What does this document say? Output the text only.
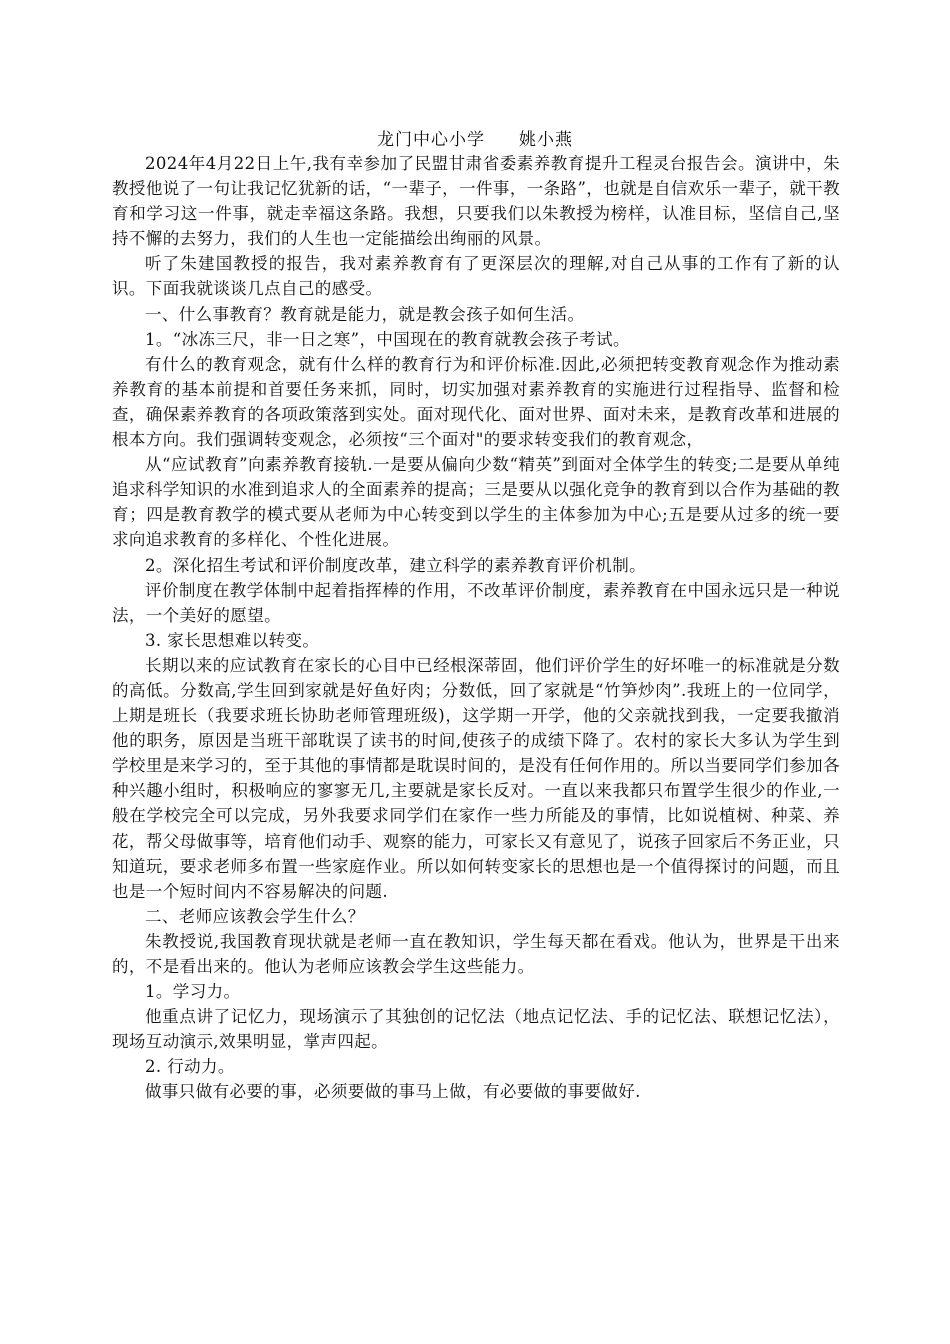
龙门中心小学 姚小燕

2024年4月22日上午,我有幸参加了民盟甘肃省委素养教育提升工程灵台报告会。演讲中，朱教授他说了一句让我记忆犹新的话，“一辈子，一件事，一条路”，也就是自信欢乐一辈子，就干教育和学习这一件事，就走幸福这条路。我想，只要我们以朱教授为榜样，认准目标，坚信自己,坚持不懈的去努力，我们的人生也一定能描绘出绚丽的风景。

听了朱建国教授的报告，我对素养教育有了更深层次的理解,对自己从事的工作有了新的认识。下面我就谈谈几点自己的感受。

一、什么事教育？教育就是能力，就是教会孩子如何生活。

1。“冰冻三尺，非一日之寒”，中国现在的教育就教会孩子考试。

有什么的教育观念，就有什么样的教育行为和评价标准.因此,必须把转变教育观念作为推动素养教育的基本前提和首要任务来抓，同时，切实加强对素养教育的实施进行过程指导、监督和检查，确保素养教育的各项政策落到实处。面对现代化、面对世界、面对未来，是教育改革和进展的根本方向。我们强调转变观念，必须按“三个面对"的要求转变我们的教育观念，

从“应试教育”向素养教育接轨.一是要从偏向少数“精英”到面对全体学生的转变;二是要从单纯追求科学知识的水准到追求人的全面素养的提高；三是要从以强化竞争的教育到以合作为基础的教育；四是教育教学的模式要从老师为中心转变到以学生的主体参加为中心;五是要从过多的统一要求向追求教育的多样化、个性化进展。

2。深化招生考试和评价制度改革，建立科学的素养教育评价机制。

评价制度在教学体制中起着指挥棒的作用，不改革评价制度，素养教育在中国永远只是一种说法，一个美好的愿望。

3. 家长思想难以转变。

长期以来的应试教育在家长的心目中已经根深蒂固，他们评价学生的好坏唯一的标准就是分数的高低。分数高,学生回到家就是好鱼好肉；分数低，回了家就是“竹笋炒肉”.我班上的一位同学，上期是班长（我要求班长协助老师管理班级)，这学期一开学，他的父亲就找到我，一定要我撤消他的职务，原因是当班干部耽误了读书的时间,使孩子的成绩下降了。农村的家长大多认为学生到学校里是来学习的，至于其他的事情都是耽误时间的，是没有任何作用的。所以当要同学们参加各种兴趣小组时，积极响应的寥寥无几,主要就是家长反对。一直以来我都只布置学生很少的作业,一般在学校完全可以完成，另外我要求同学们在家作一些力所能及的事情，比如说植树、种菜、养花，帮父母做事等，培育他们动手、观察的能力，可家长又有意见了，说孩子回家后不务正业，只知道玩，要求老师多布置一些家庭作业。所以如何转变家长的思想也是一个值得探讨的问题，而且也是一个短时间内不容易解决的问题.

二、老师应该教会学生什么？

朱教授说,我国教育现状就是老师一直在教知识，学生每天都在看戏。他认为，世界是干出来的，不是看出来的。他认为老师应该教会学生这些能力。

1。学习力。

他重点讲了记忆力，现场演示了其独创的记忆法（地点记忆法、手的记忆法、联想记忆法），现场互动演示,效果明显，掌声四起。

2. 行动力。

做事只做有必要的事，必须要做的事马上做，有必要做的事要做好.
